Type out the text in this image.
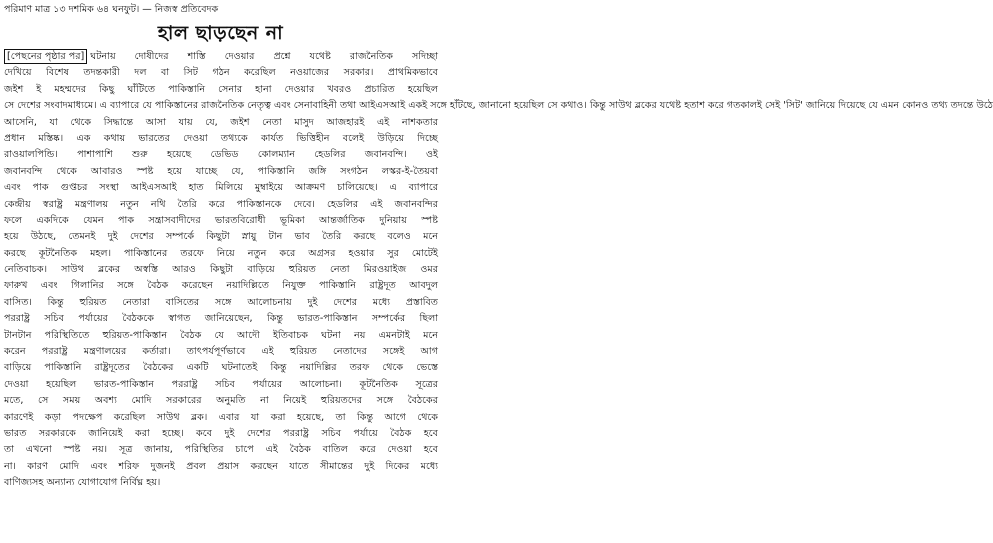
পরিমাণ মাত্র ১৩ দশমিক ৬৪ ঘনফুট। — নিজস্ব প্রতিবেদক
হাল ছাড়ছেন না
[পেছনের পৃষ্ঠার পর] ঘটনায় দোষীদের শাস্তি দেওয়ার প্রশ্নে যথেষ্ট রাজনৈতিক সদিচ্ছা
দেখিয়ে বিশেষ তদন্তকারী দল বা সিট গঠন করেছিল নওয়াজের সরকার। প্রাথমিকভাবে
জইশ ই মহম্মদের কিছু ঘাঁটিতে পাকিস্তানি সেনার হানা দেওয়ার খবরও প্রচারিত হয়েছিল
সে দেশের সংবাদমাধ্যমে। এ ব্যাপারে যে পাকিস্তানের রাজনৈতিক নেতৃত্ব এবং সেনাবাহিনী তথা আইএসআই একই সঙ্গে হাঁটছে, জানানো হয়েছিল সে কথাও। কিন্তু সাউথ ব্লকের যথেষ্ট হতাশ করে গতকালই সেই 'সিট' জানিয়ে দিয়েছে যে এমন কোনও তথ্য তদন্তে উঠে
আসেনি, যা থেকে সিদ্ধান্তে আসা যায় যে, জইশ নেতা মাসুদ আজহারই এই নাশকতার
প্রধান মস্তিষ্ক। এক কথায় ভারতের দেওয়া তথ্যকে কার্যত ভিত্তিহীন বলেই উড়িয়ে দিচ্ছে
রাওয়ালপিন্ডি। পাশাপাশি শুরু হয়েছে ডেভিড কোলম্যান হেডলির জবানবন্দি। ওই
জবানবন্দি থেকে আবারও স্পষ্ট হয়ে যাচ্ছে যে, পাকিস্তানি জঙ্গি সংগঠন লস্কর-ই-তৈয়বা
এবং পাক গুপ্তচর সংস্থা আইএসআই হাত মিলিয়ে মুম্বাইয়ে আক্রমণ চালিয়েছে। এ ব্যাপারে
কেন্দ্রীয় স্বরাষ্ট্র মন্ত্রণালয় নতুন নথি তৈরি করে পাকিস্তানকে দেবে। হেডলির এই জবানবন্দির
ফলে একদিকে যেমন পাক সন্ত্রাসবাদীদের ভারতবিরোধী ভূমিকা আন্তর্জাতিক দুনিয়ায় স্পষ্ট
হয়ে উঠছে, তেমনই দুই দেশের সম্পর্কে কিছুটা স্নায়ু টান ভাব তৈরি করছে বলেও মনে
করছে কূটনৈতিক মহল। পাকিস্তানের তরফে নিয়ে নতুন করে অগ্রসর হওয়ার সুর মোটেই
নেতিবাচক। সাউথ ব্লকের অস্বস্তি আরও কিছুটা বাড়িয়ে হুরিয়ত নেতা মিরওয়াইজ ওমর
ফারুখ এবং গিলানির সঙ্গে বৈঠক করেছেন নয়াদিল্লিতে নিযুক্ত পাকিস্তানি রাষ্ট্রদূত আবদুল
বাসিত। কিন্তু হুরিয়ত নেতারা বাসিতের সঙ্গে আলোচনায় দুই দেশের মধ্যে প্রস্তাবিত
পররাষ্ট্র সচিব পর্যায়ের বৈঠককে স্বাগত জানিয়েছেন, কিন্তু ভারত-পাকিস্তান সম্পর্কের ছিলা
টানটান পরিস্থিতিতে হুরিয়ত-পাকিস্তান বৈঠক যে আদৌ ইতিবাচক ঘটনা নয় এমনটাই মনে
করেন পররাষ্ট্র মন্ত্রণালয়ের কর্তারা। তাৎপর্যপূর্ণভাবে এই হুরিয়ত নেতাদের সঙ্গেই আগ
বাড়িয়ে পাকিস্তানি রাষ্ট্রদূতের বৈঠকের একটি ঘটনাতেই কিন্তু নয়াদিল্লির তরফ থেকে ভেস্তে
দেওয়া হয়েছিল ভারত-পাকিস্তান পররাষ্ট্র সচিব পর্যায়ের আলোচনা। কূটনৈতিক সূত্রের
মতে, সে সময় অবশ্য মোদি সরকারের অনুমতি না নিয়েই হুরিয়তদের সঙ্গে বৈঠকের
কারণেই কড়া পদক্ষেপ করেছিল সাউথ ব্লক। এবার যা করা হয়েছে, তা কিন্তু আগে থেকে
ভারত সরকারকে জানিয়েই করা হচ্ছে। কবে দুই দেশের পররাষ্ট্র সচিব পর্যায়ে বৈঠক হবে
তা এখনো স্পষ্ট নয়। সূত্র জানায়, পরিস্থিতির চাপে এই বৈঠক বাতিল করে দেওয়া হবে
না। কারণ মোদি এবং শরিফ দুজনই প্রবল প্রয়াস করছেন যাতে সীমান্তের দুই দিকের মধ্যে
বাণিজ্যসহ অন্যান্য যোগাযোগ নির্বিঘ্ন হয়।
